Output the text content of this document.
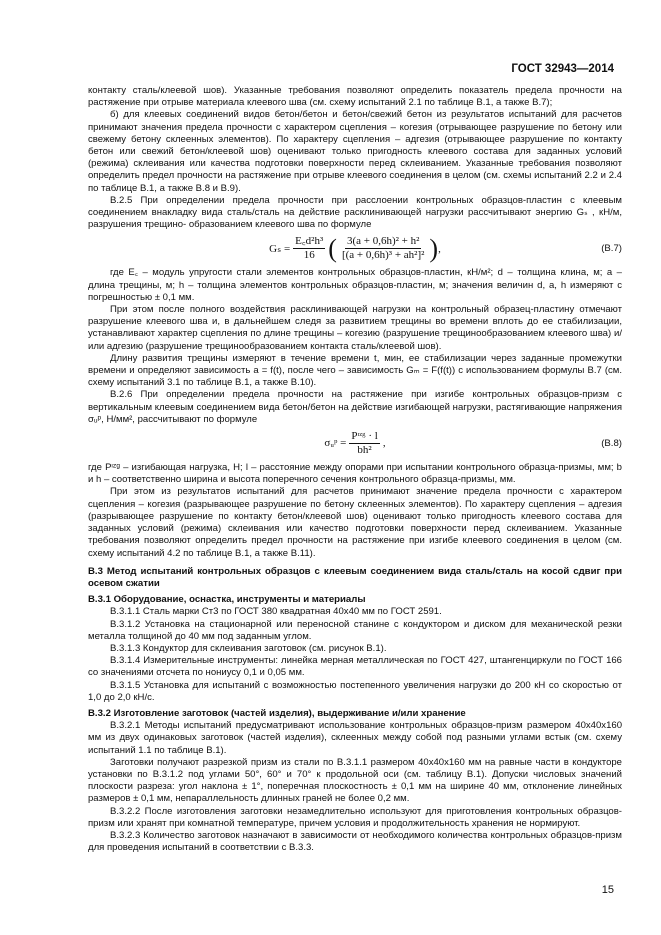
ГОСТ 32943—2014

контакту сталь/клеевой шов). Указанные требования позволяют определить показатель предела прочности на растяжение при отрыве материала клеевого шва (см. схему испытаний 2.1 по таблице В.1, а также В.7);

б) для клеевых соединений видов бетон/бетон и бетон/свежий бетон из результатов испытаний для расчетов принимают значения предела прочности с характером сцепления – когезия (отрывающее разрушение по бетону или свежему бетону склеенных элементов). По характеру сцепления – адгезия (отрывающее разрушение по контакту бетон или свежий бетон/клеевой шов) оценивают только пригодность клеевого состава для заданных условий (режима) склеивания или качества подготовки поверхности перед склеиванием. Указанные требования позволяют определить предел прочности на растяжение при отрыве клеевого соединения в целом (см. схемы испытаний 2.2 и 2.4 по таблице В.1, а также В.8 и В.9).

В.2.5 При определении предела прочности при расслоении контрольных образцов-пластин с клеевым соединением внакладку вида сталь/сталь на действие расклинивающей нагрузки рассчитывают энергию Gₛ , кН/м, разрушения трещино- образованием клеевого шва по формуле

$G_s = \frac{\text{E꜀d²h³}}{16}$ ( $\frac{\text{3(a + 0,6h)² + h²}}{\text{[(a + 0,6h)³ + ah²]²}}$ ) ,	(В.7)

где E꜀ – модуль упругости стали элементов контрольных образцов-пластин, кН/м²; d – толщина клина, м; а – длина трещины, м; h – толщина элементов контрольных образцов-пластин, м; значения величин d, a, h измеряют с погрешностью ± 0,1 мм.

При этом после полного воздействия расклинивающей нагрузки на контрольный образец-пластину отмечают разрушение клеевого шва и, в дальнейшем следя за развитием трещины во времени вплоть до ее стабилизации, устанавливают характер сцепления по длине трещины – когезию (разрушение трещинообразованием клеевого шва) и/или адгезию (разрушение трещинообразованием контакта сталь/клеевой шов).

Длину развития трещины измеряют в течение времени t, мин, ее стабилизации через заданные промежутки времени и определяют зависимость a = f(t), после чего – зависимость Gₘ = F(f(t)) с использованием формулы В.7 (см. схему испытаний 3.1 по таблице В.1, а также В.10).

В.2.6 При определении предела прочности на растяжение при изгибе контрольных образцов-призм с вертикальным клеевым соединением вида бетон/бетон на действие изгибающей нагрузки, растягивающие напряжения σᵤᵖ, Н/мм², рассчитывают по формуле

σᵤᵖ = $\frac{\text{Pᶦᶻᵍ · l}}{\text{bh²}}$ ,	(В.8)

где Pᶦᶻᵍ – изгибающая нагрузка, Н; l – расстояние между опорами при испытании контрольного образца-призмы, мм; b и h – соответственно ширина и высота поперечного сечения контрольного образца-призмы, мм.

При этом из результатов испытаний для расчетов принимают значение предела прочности с характером сцепления – когезия (разрывающее разрушение по бетону склеенных элементов). По характеру сцепления – адгезия (разрывающее разрушение по контакту бетон/клеевой шов) оценивают только пригодность клеевого состава для заданных условий (режима) склеивания или качество подготовки поверхности перед склеиванием. Указанные требования позволяют определить предел прочности на растяжение при изгибе клеевого соединения в целом (см. схему испытаний 4.2 по таблице В.1, а также В.11).

В.3 Метод испытаний контрольных образцов с клеевым соединением вида сталь/сталь на косой сдвиг при осевом сжатии
В.3.1 Оборудование, оснастка, инструменты и материалы

В.3.1.1 Сталь марки Ст3 по ГОСТ 380 квадратная 40х40 мм по ГОСТ 2591.

В.3.1.2 Установка на стационарной или переносной станине с кондуктором и диском для механической резки металла толщиной до 40 мм под заданным углом.

В.3.1.3 Кондуктор для склеивания заготовок (см. рисунок В.1).

В.3.1.4 Измерительные инструменты: линейка мерная металлическая по ГОСТ 427, штангенциркули по ГОСТ 166 со значениями отсчета по нониусу 0,1 и 0,05 мм.

В.3.1.5 Установка для испытаний с возможностью постепенного увеличения нагрузки до 200 кН со скоростью от 1,0 до 2,0 кН/с.

В.3.2 Изготовление заготовок (частей изделия), выдерживание и/или хранение

В.3.2.1 Методы испытаний предусматривают использование контрольных образцов-призм размером 40х40х160 мм из двух одинаковых заготовок (частей изделия), склеенных между собой под разными углами встык (см. схему испытаний 1.1 по таблице В.1).

Заготовки получают разрезкой призм из стали по В.3.1.1 размером 40х40х160 мм на равные части в кондукторе установки по В.3.1.2 под углами 50°, 60° и 70° к продольной оси (см. таблицу В.1). Допуски числовых значений плоскости разреза: угол наклона ± 1°, поперечная плоскостность ± 0,1 мм на ширине 40 мм, отклонение линейных размеров ± 0,1 мм, непараллельность длинных граней не более 0,2 мм.

В.3.2.2 После изготовления заготовки незамедлительно используют для приготовления контрольных образцов-призм или хранят при комнатной температуре, причем условия и продолжительность хранения не нормируют.

В.3.2.3 Количество заготовок назначают в зависимости от необходимого количества контрольных образцов-призм для проведения испытаний в соответствии с В.3.3.

15
